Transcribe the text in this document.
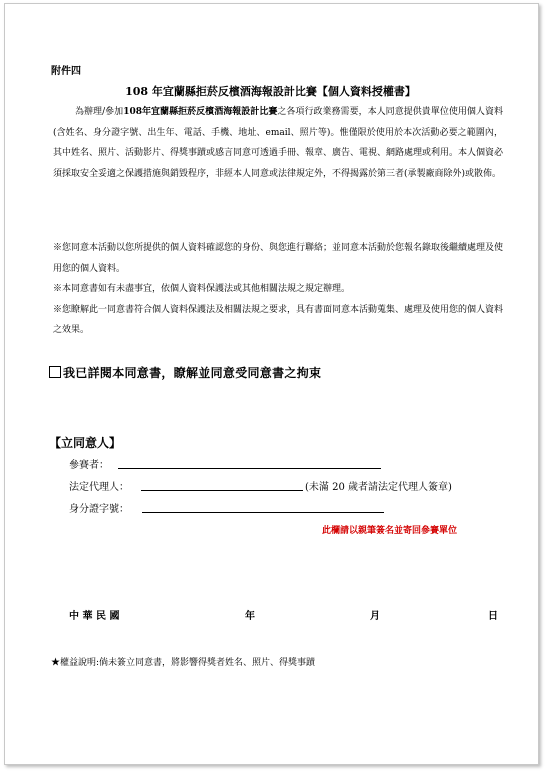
附件四
108 年宜蘭縣拒菸反檳酒海報設計比賽【個人資料授權書】
為辦理/參加108年宜蘭縣拒菸反檳酒海報設計比賽之各項行政業務需要，本人同意提供貴單位使用個人資料(含姓名、身分證字號、出生年、電話、手機、地址、email、照片等)。惟僅限於使用於本次活動必要之範圍內，其中姓名、照片、活動影片、得獎事蹟或感言同意可透過手冊、報章、廣告、電視、網路處理或利用。本人個資必須採取安全妥適之保護措施與銷毀程序，非經本人同意或法律規定外，不得揭露於第三者(承製廠商除外)或散佈。

※您同意本活動以您所提供的個人資料確認您的身份、與您進行聯絡；並同意本活動於您報名錄取後繼續處理及使用您的個人資料。

※本同意書如有未盡事宜，依個人資料保護法或其他相關法規之規定辦理。

※您瞭解此一同意書符合個人資料保護法及相關法規之要求，具有書面同意本活動蒐集、處理及使用您的個人資料之效果。

我已詳閱本同意書，瞭解並同意受同意書之拘束
【立同意人】
參賽者：
法定代理人：	(未滿 20 歲者請法定代理人簽章)
身分證字號：
此欄請以親筆簽名並寄回參賽單位
中 華 民 國	年	月	日
★權益說明:倘未簽立同意書，將影響得獎者姓名、照片、得獎事蹟
